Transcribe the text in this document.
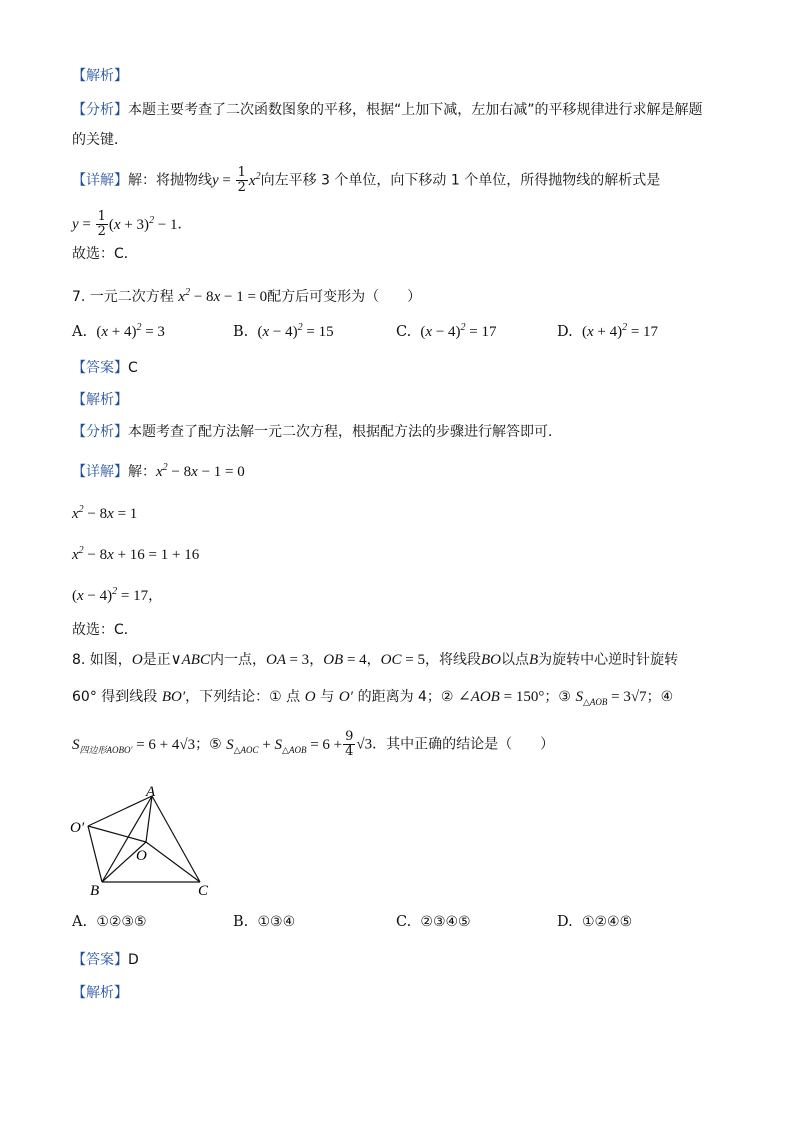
【解析】
【分析】本题主要考查了二次函数图象的平移，根据“上加下减，左加右减”的平移规律进行求解是解题
的关键．
【详解】解：将抛物线$y = \frac{1}{2} x^2$向左平移 3 个单位，向下移动 1 个单位，所得抛物线的解析式是
$y = \frac{1}{2} (x + 3)^2 - 1$．
故选：C．
7. 一元二次方程 $x^2 - 8x - 1 = 0$配方后可变形为（　　）
A. $(x + 4)^2 = 3$	B. $(x - 4)^2 = 15$	C. $(x - 4)^2 = 17$	D. $(x + 4)^2 = 17$
【答案】C
【解析】
【分析】本题考查了配方法解一元二次方程，根据配方法的步骤进行解答即可．
【详解】解：$x^2 - 8x - 1 = 0$
$x^2 - 8x = 1$
$x^2 - 8x + 16 = 1 + 16$
$(x - 4)^2 = 17$，
故选：C．
8. 如图，O是正∨ABC内一点，OA = 3，OB = 4，OC = 5，将线段BO以点B为旋转中心逆时针旋转
60° 得到线段 BO′，下列结论：① 点 O 与 O′ 的距离为 4；② ∠AOB = 150°；③ $S_{\triangle AOB} = 3√7$；④
$S_{四边形AOBO'} = 6 + 4√3$；⑤ $S_{\triangle AOC} + S_{\triangle AOB} = 6 + \frac{9}{4} √3$．其中正确的结论是（　　）
A
O′
O
B	C
A. ①②③⑤	B. ①③④	C. ②③④⑤	D. ①②④⑤
【答案】D
【解析】
